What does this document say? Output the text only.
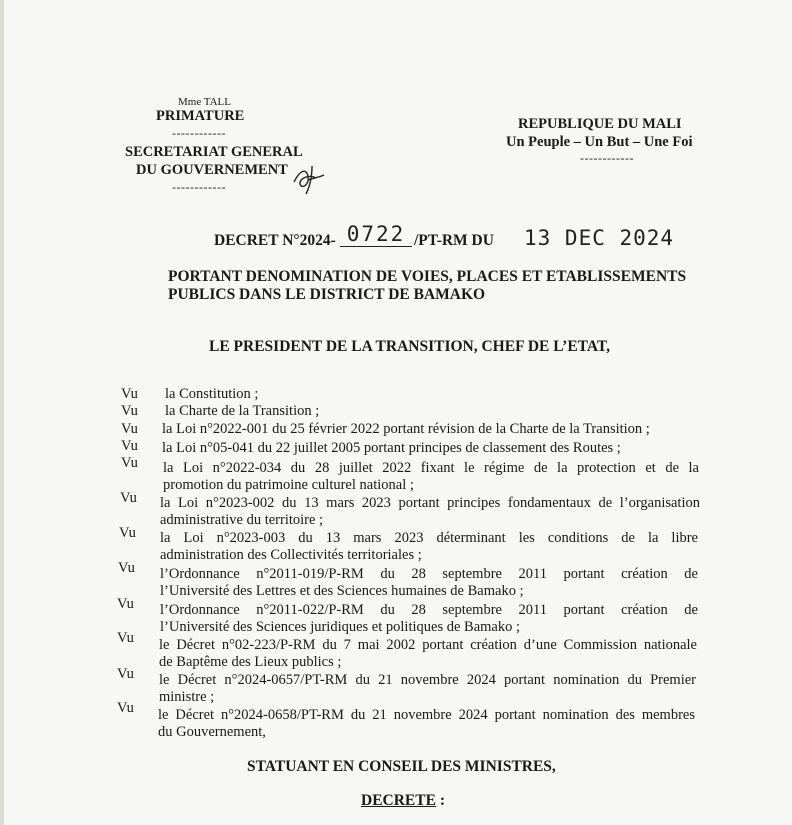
Mme TALL
PRIMATURE
------------
SECRETARIAT GENERAL
DU GOUVERNEMENT
------------
REPUBLIQUE DU MALI
Un Peuple – Un But – Une Foi
------------
DECRET N°2024- 0722 /PT-RM DU 13 DEC 2024
PORTANT DENOMINATION DE VOIES, PLACES ET ETABLISSEMENTS
PUBLICS DANS LE DISTRICT DE BAMAKO
LE PRESIDENT DE LA TRANSITION, CHEF DE L’ETAT,
Vu la Constitution ;
Vu la Charte de la Transition ;
Vu la Loi n°2022-001 du 25 février 2022 portant révision de la Charte de la Transition ;
Vu la Loi n°05-041 du 22 juillet 2005 portant principes de classement des Routes ;
Vu la Loi n°2022-034 du 28 juillet 2022 fixant le régime de la protection et de la
promotion du patrimoine culturel national ;
Vu la Loi n°2023-002 du 13 mars 2023 portant principes fondamentaux de l’organisation
administrative du territoire ;
Vu la Loi n°2023-003 du 13 mars 2023 déterminant les conditions de la libre
administration des Collectivités territoriales ;
Vu l’Ordonnance n°2011-019/P-RM du 28 septembre 2011 portant création de
l’Université des Lettres et des Sciences humaines de Bamako ;
Vu l’Ordonnance n°2011-022/P-RM du 28 septembre 2011 portant création de
l’Université des Sciences juridiques et politiques de Bamako ;
Vu le Décret n°02-223/P-RM du 7 mai 2002 portant création d’une Commission nationale
de Baptême des Lieux publics ;
Vu le Décret n°2024-0657/PT-RM du 21 novembre 2024 portant nomination du Premier
ministre ;
Vu le Décret n°2024-0658/PT-RM du 21 novembre 2024 portant nomination des membres
du Gouvernement,
STATUANT EN CONSEIL DES MINISTRES,
DECRETE :
